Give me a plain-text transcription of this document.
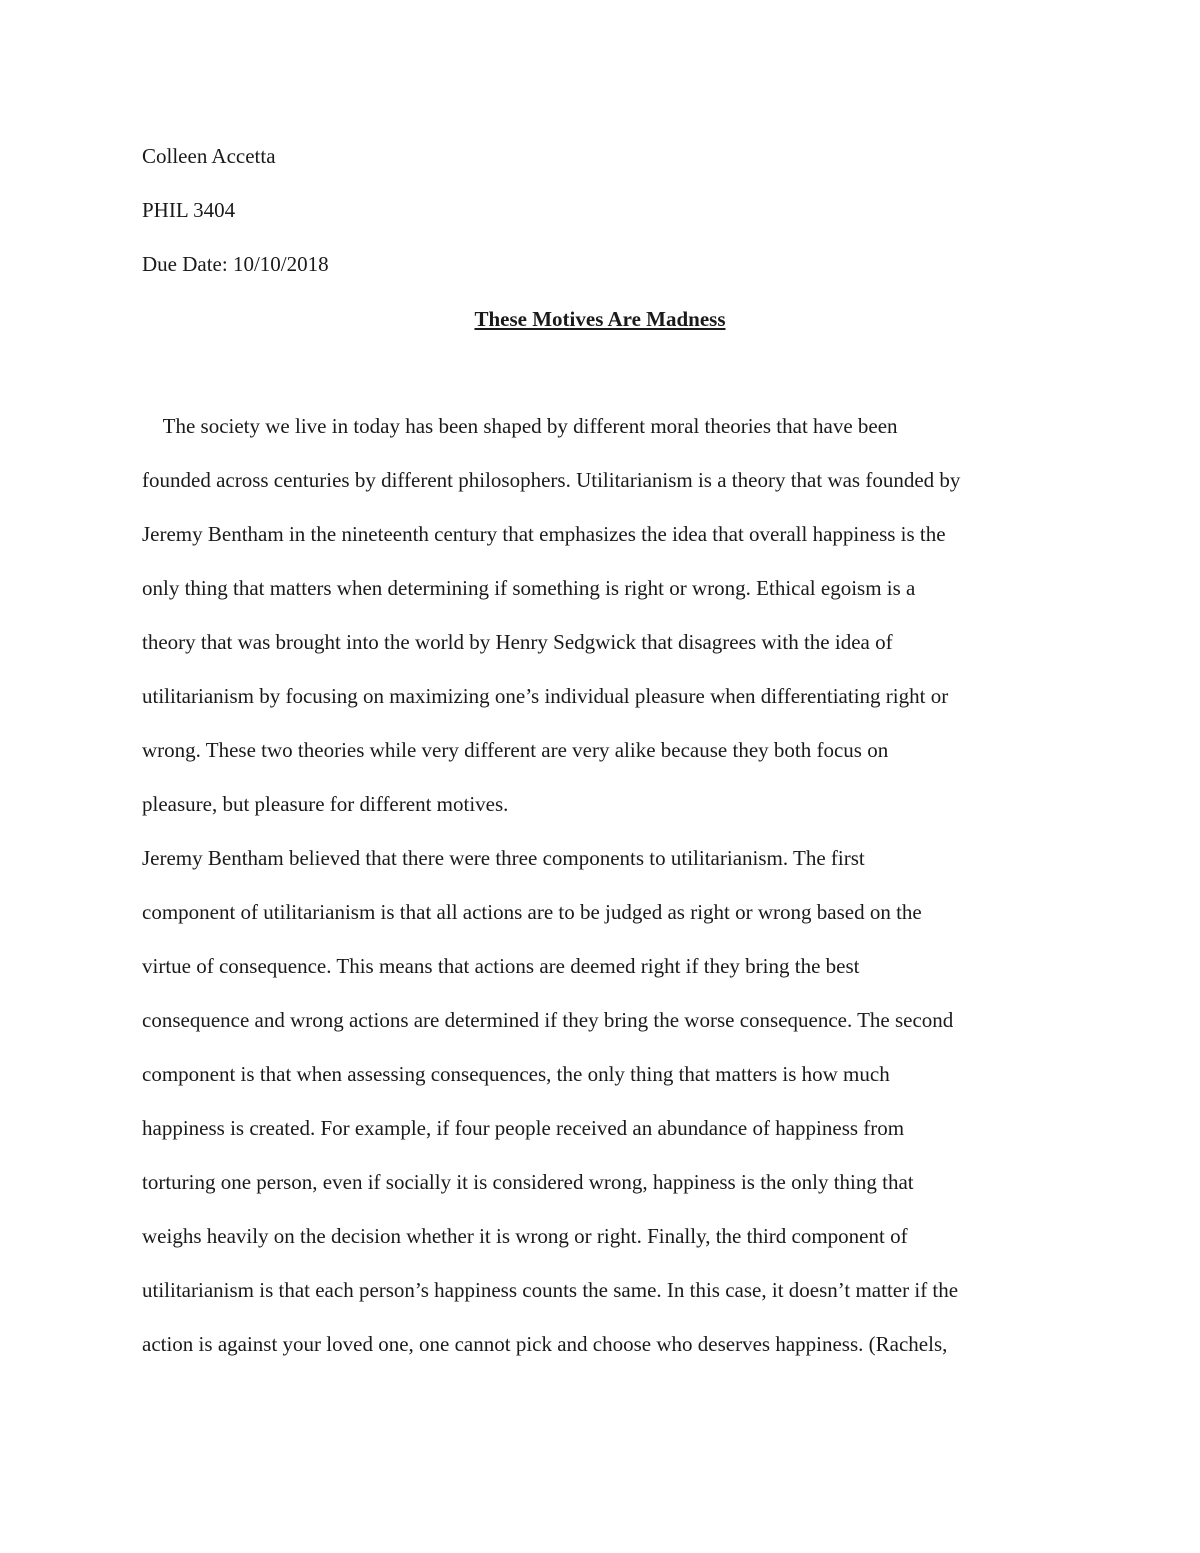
Colleen Accetta
PHIL 3404
Due Date: 10/10/2018
These Motives Are Madness
The society we live in today has been shaped by different moral theories that have been
founded across centuries by different philosophers. Utilitarianism is a theory that was founded by
Jeremy Bentham in the nineteenth century that emphasizes the idea that overall happiness is the
only thing that matters when determining if something is right or wrong. Ethical egoism is a
theory that was brought into the world by Henry Sedgwick that disagrees with the idea of
utilitarianism by focusing on maximizing one’s individual pleasure when differentiating right or
wrong. These two theories while very different are very alike because they both focus on
pleasure, but pleasure for different motives.
Jeremy Bentham believed that there were three components to utilitarianism. The first
component of utilitarianism is that all actions are to be judged as right or wrong based on the
virtue of consequence. This means that actions are deemed right if they bring the best
consequence and wrong actions are determined if they bring the worse consequence. The second
component is that when assessing consequences, the only thing that matters is how much
happiness is created. For example, if four people received an abundance of happiness from
torturing one person, even if socially it is considered wrong, happiness is the only thing that
weighs heavily on the decision whether it is wrong or right. Finally, the third component of
utilitarianism is that each person’s happiness counts the same. In this case, it doesn’t matter if the
action is against your loved one, one cannot pick and choose who deserves happiness. (Rachels,
